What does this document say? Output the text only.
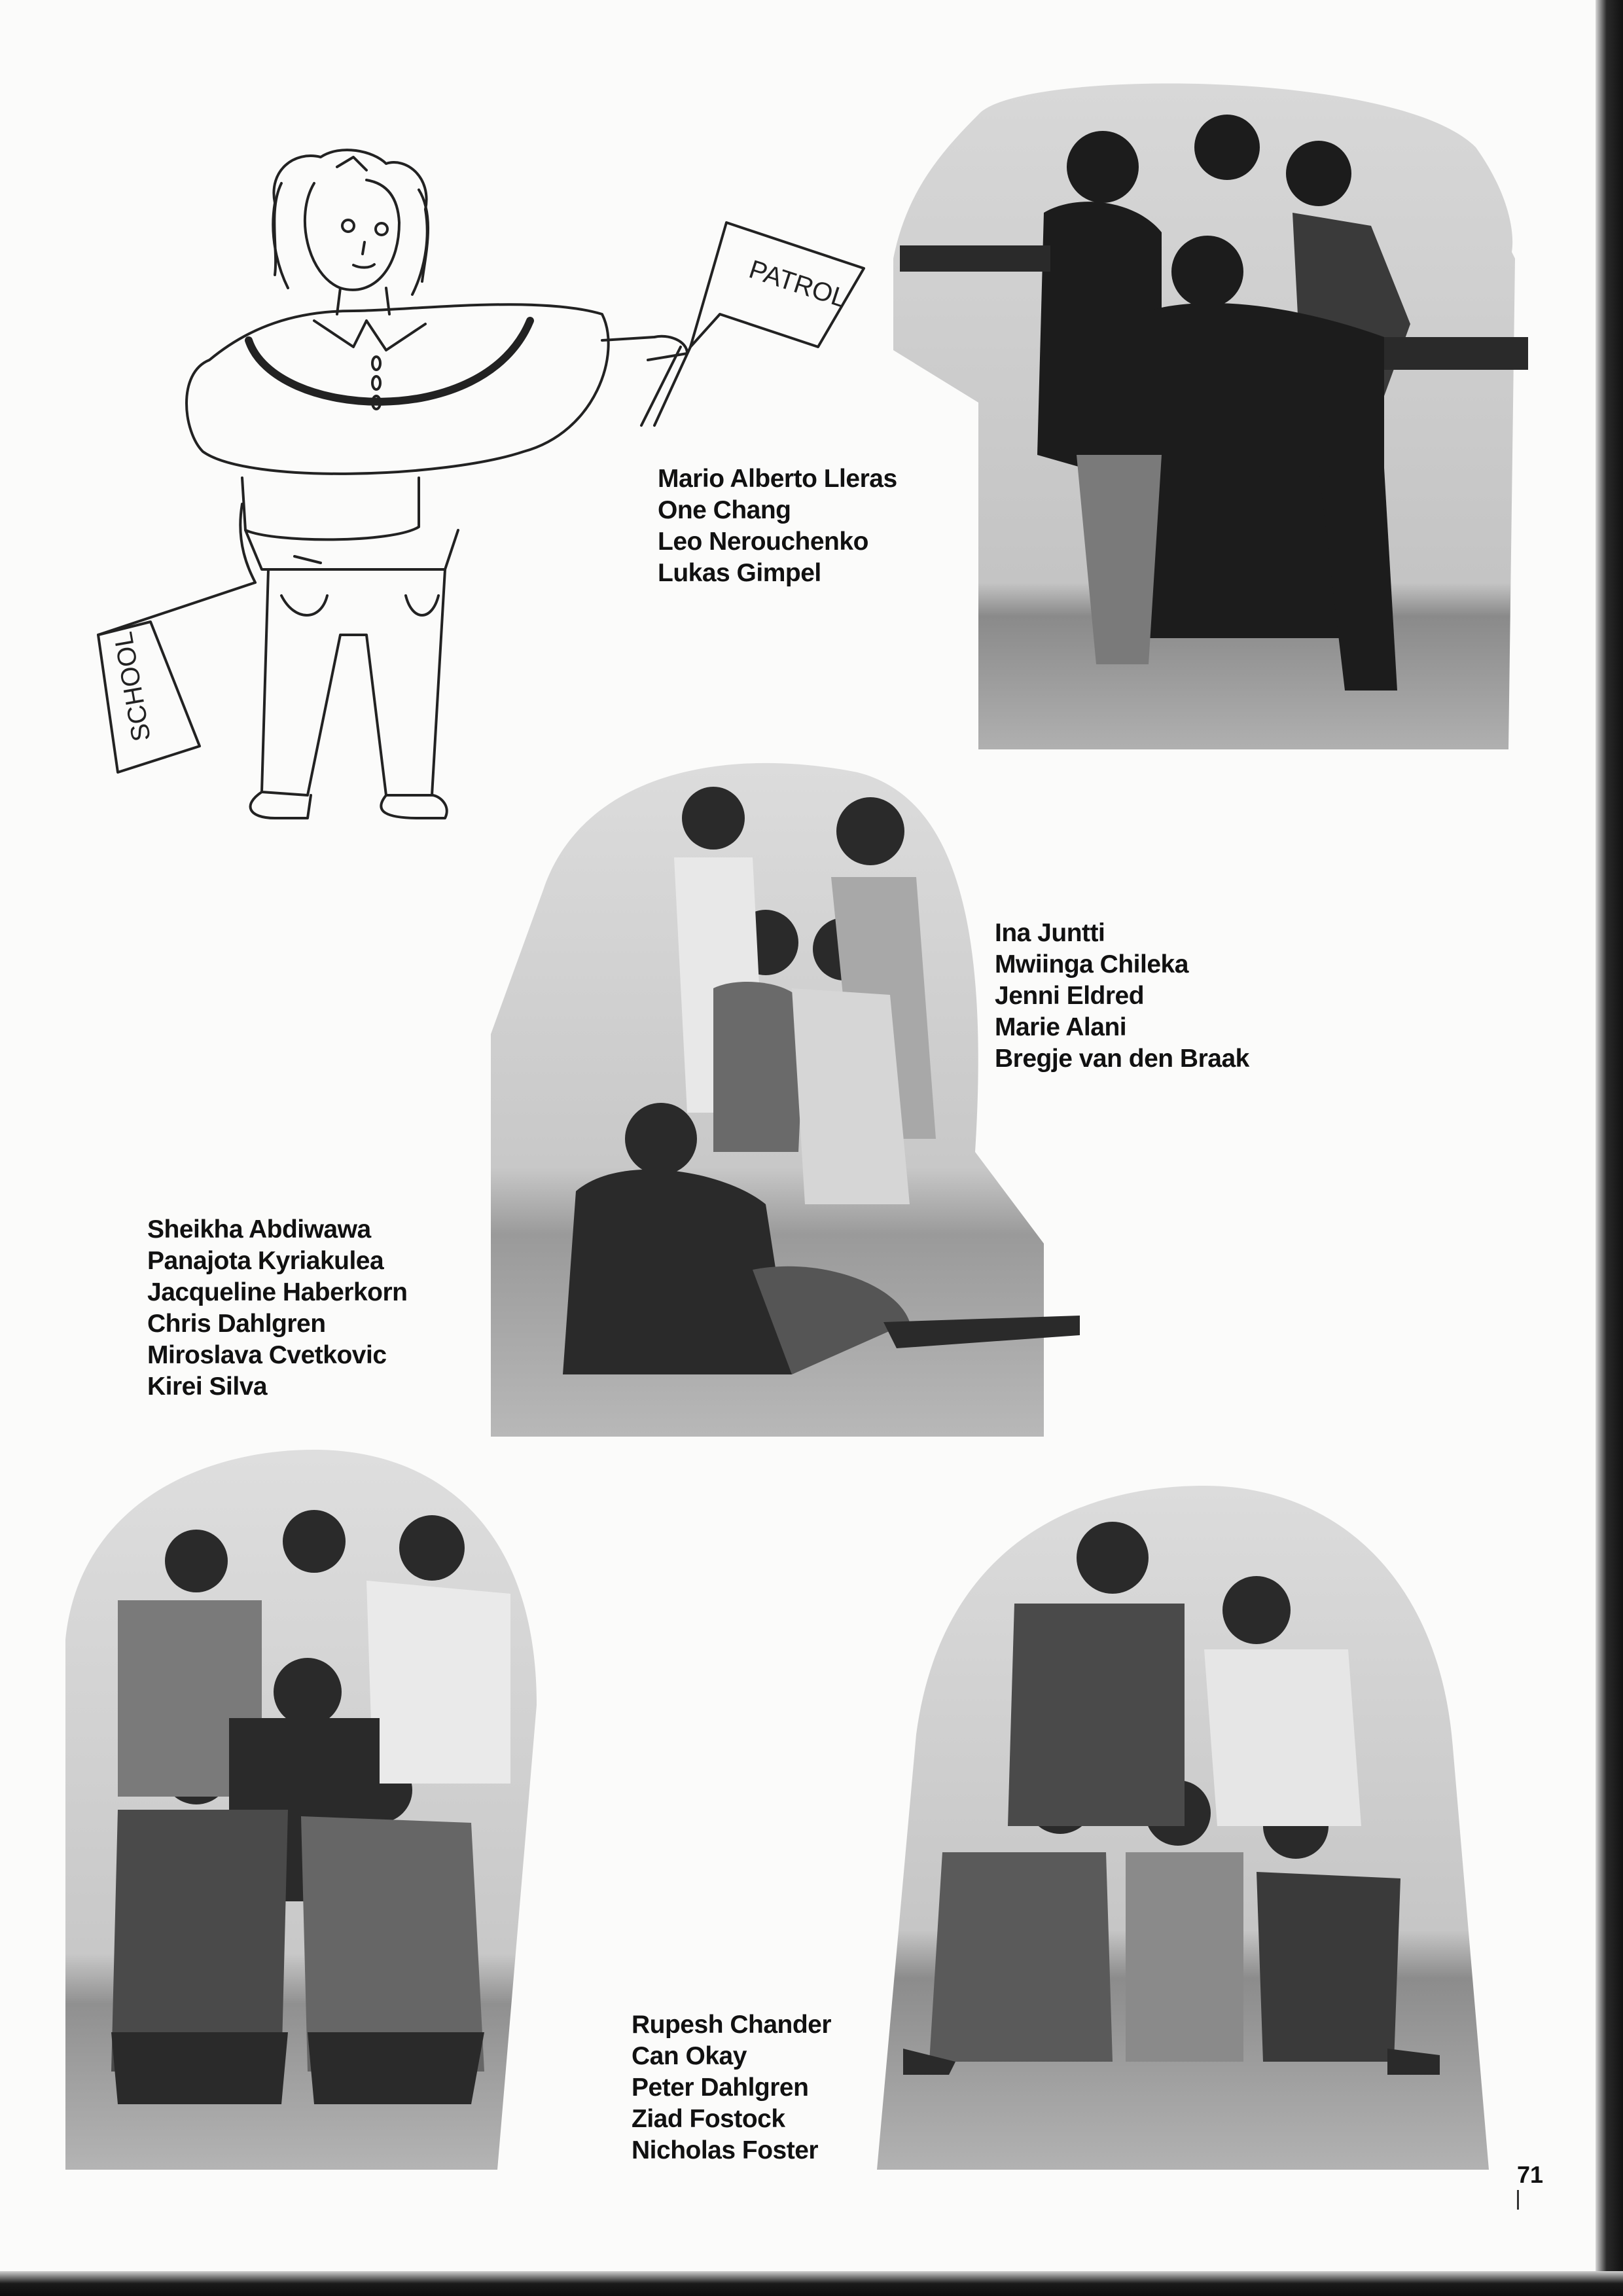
PATROL
SCHOOL
Mario Alberto Lleras
One Chang
Leo Nerouchenko
Lukas Gimpel
Ina Juntti
Mwiinga Chileka
Jenni Eldred
Marie Alani
Bregje van den Braak
Sheikha Abdiwawa
Panajota Kyriakulea
Jacqueline Haberkorn
Chris Dahlgren
Miroslava Cvetkovic
Kirei Silva
Rupesh Chander
Can Okay
Peter Dahlgren
Ziad Fostock
Nicholas Foster
71
